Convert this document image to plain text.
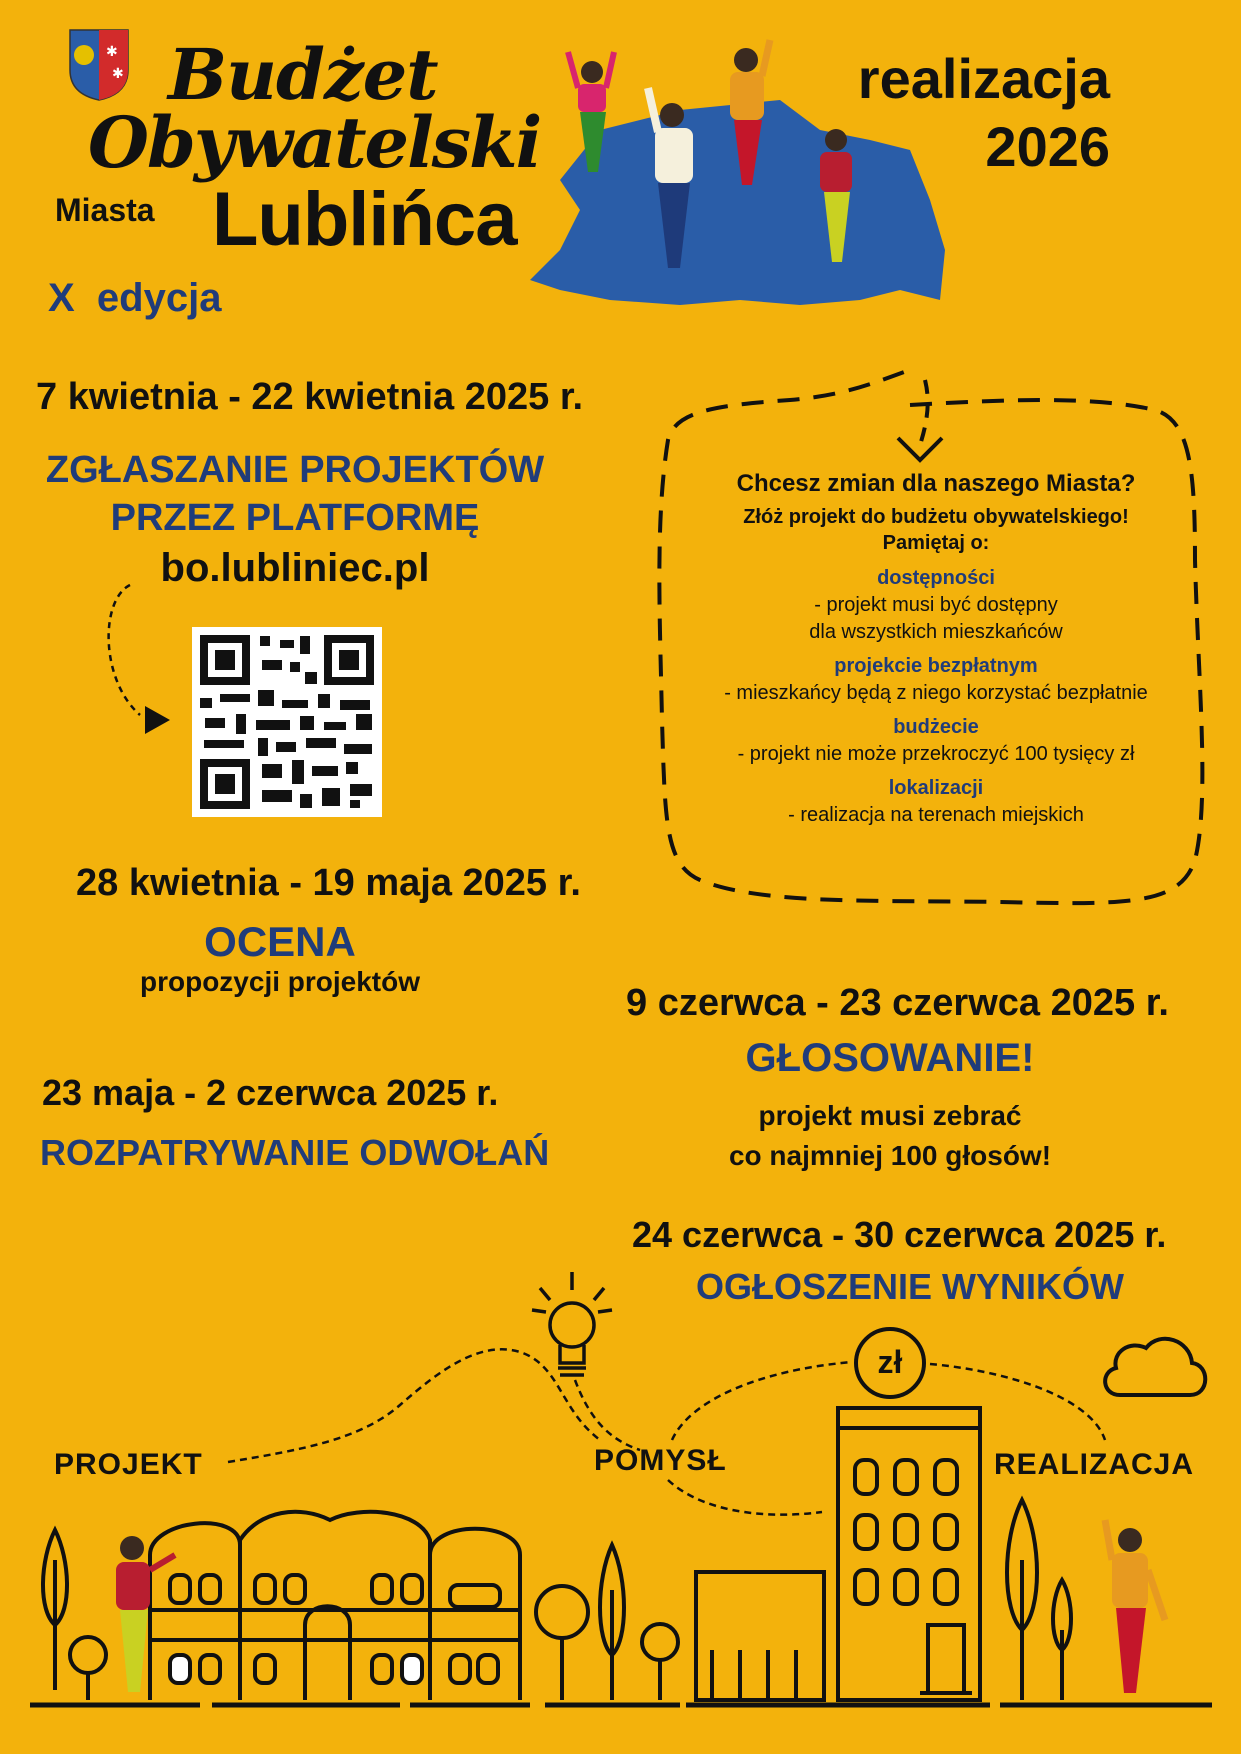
✱
✱ Budżet
Obywatelski
Miasta Lublińca
X edycja
realizacja
2026
7 kwietnia - 22 kwietnia 2025 r.
ZGŁASZANIE PROJEKTÓW
PRZEZ PLATFORMĘ
bo.lubliniec.pl
28 kwietnia - 19 maja 2025 r.
OCENA
propozycji projektów
23 maja - 2 czerwca 2025 r.
ROZPATRYWANIE ODWOŁAŃ
9 czerwca - 23 czerwca 2025 r.
GŁOSOWANIE!
projekt musi zebrać
co najmniej 100 głosów!
24 czerwca - 30 czerwca 2025 r.
OGŁOSZENIE WYNIKÓW
Chcesz zmian dla naszego Miasta?
Złóż projekt do budżetu obywatelskiego!
Pamiętaj o:
dostępności
- projekt musi być dostępny
dla wszystkich mieszkańców
projekcie bezpłatnym
- mieszkańcy będą z niego korzystać bezpłatnie
budżecie
- projekt nie może przekroczyć 100 tysięcy zł
lokalizacji
- realizacja na terenach miejskich
PROJEKT	POMYSŁ	REALIZACJA
zł
